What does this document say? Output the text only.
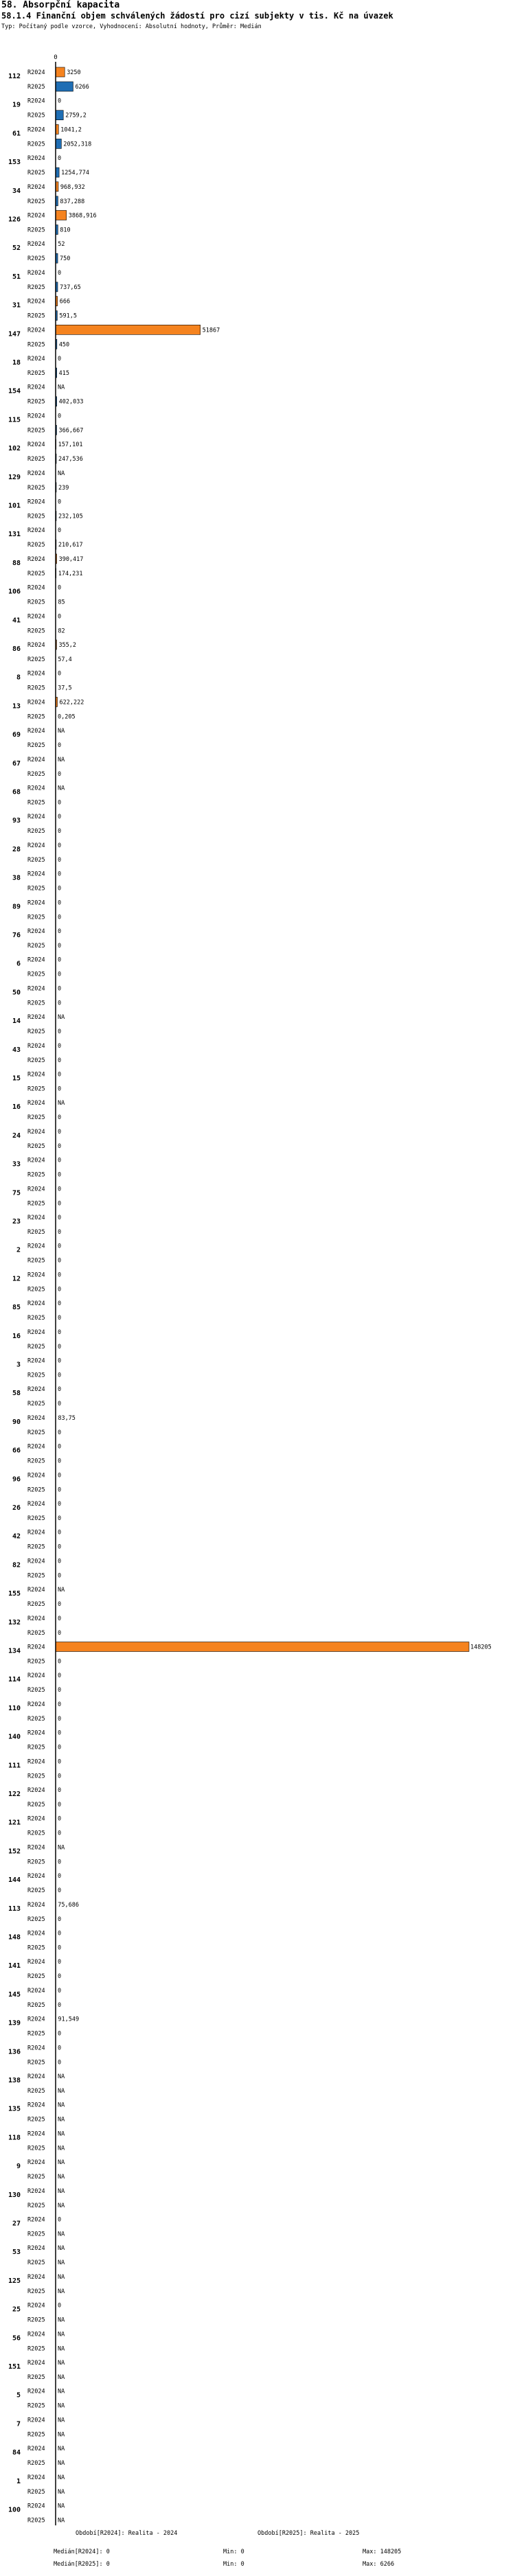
0
112 R2024	3250
R2025	6266
19 R2024 0
R2025	2759,2
61 R2024	1041,2
R2025	2052,318
153 R2024 0
R2025	1254,774
34 R2024	968,932
R2025	837,288
126 R2024	3868,916
R2025	810
52 R2024 52
R2025	750
51 R2024 0
R2025	737,65
31 R2024 666
R2025 591,5
147 R2024	51867
R2025 450
18 R2024 0
R2025 415
154 R2024 NA
R2025 402,033
115 R2024 0
R2025 366,667
102 R2024 157,101
R2025 247,536
129 R2024 NA
R2025 239
101 R2024 0
R2025 232,105
131 R2024 0
R2025 210,617
88 R2024 390,417
R2025 174,231
106 R2024 0
R2025 85
41 R2024 0
R2025 82
86 R2024 355,2
R2025 57,4
8 R2024 0
R2025 37,5
13 R2024 622,222
R2025 0,205
69 R2024 NA
R2025 0
67 R2024 NA
R2025 0
68 R2024 NA
R2025 0
93 R2024 0
R2025 0
28 R2024 0
R2025 0
38 R2024 0
R2025 0
89 R2024 0
R2025 0
76 R2024 0
R2025 0
6 R2024 0
R2025 0
50 R2024 0
R2025 0
14 R2024 NA
R2025 0
43 R2024 0
R2025 0
15 R2024 0
R2025 0
16 R2024 NA
R2025 0
24 R2024 0
R2025 0
33 R2024 0
R2025 0
75 R2024 0
R2025 0
23 R2024 0
R2025 0
2 R2024 0
R2025 0
12 R2024 0
R2025 0
85 R2024 0
R2025 0
16 R2024 0
R2025 0
3 R2024 0
R2025 0
58 R2024 0
R2025 0
90 R2024 83,75
R2025 0
66 R2024 0
R2025 0
96 R2024 0
R2025 0
26 R2024 0
R2025 0
42 R2024 0
R2025 0
82 R2024 0
R2025 0
155 R2024 NA
R2025 0
132 R2024 0
R2025 0
134 R2024	148205
R2025 0
114 R2024 0
R2025 0
110 R2024 0
R2025 0
140 R2024 0
R2025 0
111 R2024 0
R2025 0
122 R2024 0
R2025 0
121 R2024 0
R2025 0
152 R2024 NA
R2025 0
144 R2024 0
R2025 0
113 R2024 75,686
R2025 0
148 R2024 0
R2025 0
141 R2024 0
R2025 0
145 R2024 0
R2025 0
139 R2024 91,549
R2025 0
136 R2024 0
R2025 0
138 R2024 NA
R2025 NA
135 R2024 NA
R2025 NA
118 R2024 NA
R2025 NA
9 R2024 NA
R2025 NA
130 R2024 NA
R2025 NA
27 R2024 0
R2025 NA
53 R2024 NA
R2025 NA
125 R2024 NA
R2025 NA
25 R2024 0
R2025 NA
56 R2024 NA
R2025 NA
151 R2024 NA
R2025 NA
5 R2024 NA
R2025 NA
7 R2024 NA
R2025 NA
84 R2024 NA
R2025 NA
1 R2024 NA
R2025 NA
100 R2024 NA
R2025 NA
58. Absorpční kapacita
58.1.4 Finanční objem schválených žádostí pro cizí subjekty v tis. Kč na úvazek
Typ: Počítaný podle vzorce, Vyhodnocení: Absolutní hodnoty, Průměr: Medián
Období[R2024]: Realita - 2024	Období[R2025]: Realita - 2025
Medián[R2024]: 0	Min: 0	Max: 148205
Medián[R2025]: 0	Min: 0	Max: 6266
